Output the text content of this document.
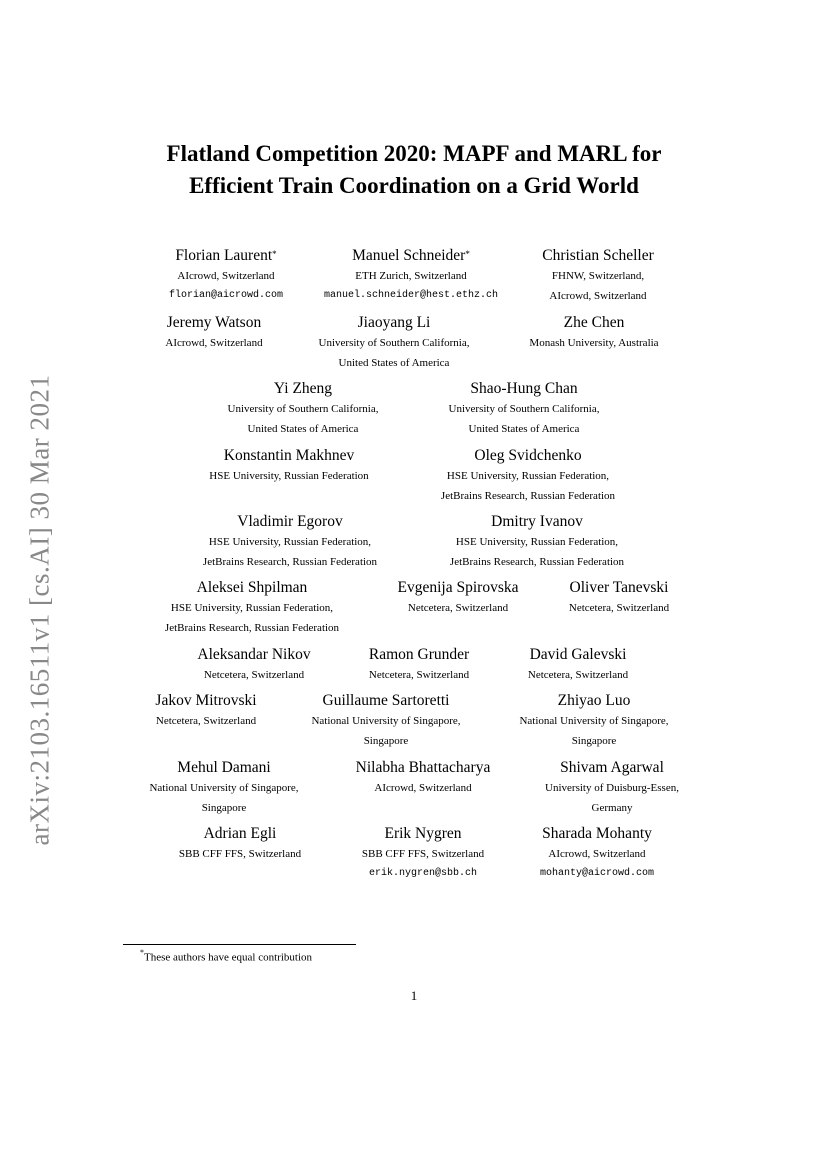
arXiv:2103.16511v1 [cs.AI] 30 Mar 2021
Flatland Competition 2020: MAPF and MARL for
Efficient Train Coordination on a Grid World
Florian Laurent*
AIcrowd, Switzerland
florian@aicrowd.com
Manuel Schneider*
ETH Zurich, Switzerland
manuel.schneider@hest.ethz.ch
Christian Scheller
FHNW, Switzerland,
AIcrowd, Switzerland
Jeremy Watson
AIcrowd, Switzerland
Jiaoyang Li
University of Southern California,
United States of America
Zhe Chen
Monash University, Australia
Yi Zheng
University of Southern California,
United States of America
Shao-Hung Chan
University of Southern California,
United States of America
Konstantin Makhnev
HSE University, Russian Federation
Oleg Svidchenko
HSE University, Russian Federation,
JetBrains Research, Russian Federation
Vladimir Egorov
HSE University, Russian Federation,
JetBrains Research, Russian Federation
Dmitry Ivanov
HSE University, Russian Federation,
JetBrains Research, Russian Federation
Aleksei Shpilman
HSE University, Russian Federation,
JetBrains Research, Russian Federation
Evgenija Spirovska
Netcetera, Switzerland
Oliver Tanevski
Netcetera, Switzerland
Aleksandar Nikov
Netcetera, Switzerland
Ramon Grunder
Netcetera, Switzerland
David Galevski
Netcetera, Switzerland
Jakov Mitrovski
Netcetera, Switzerland
Guillaume Sartoretti
National University of Singapore,
Singapore
Zhiyao Luo
National University of Singapore,
Singapore
Mehul Damani
National University of Singapore,
Singapore
Nilabha Bhattacharya
AIcrowd, Switzerland
Shivam Agarwal
University of Duisburg-Essen,
Germany
Adrian Egli
SBB CFF FFS, Switzerland
Erik Nygren
SBB CFF FFS, Switzerland
erik.nygren@sbb.ch
Sharada Mohanty
AIcrowd, Switzerland
mohanty@aicrowd.com
*These authors have equal contribution
1
